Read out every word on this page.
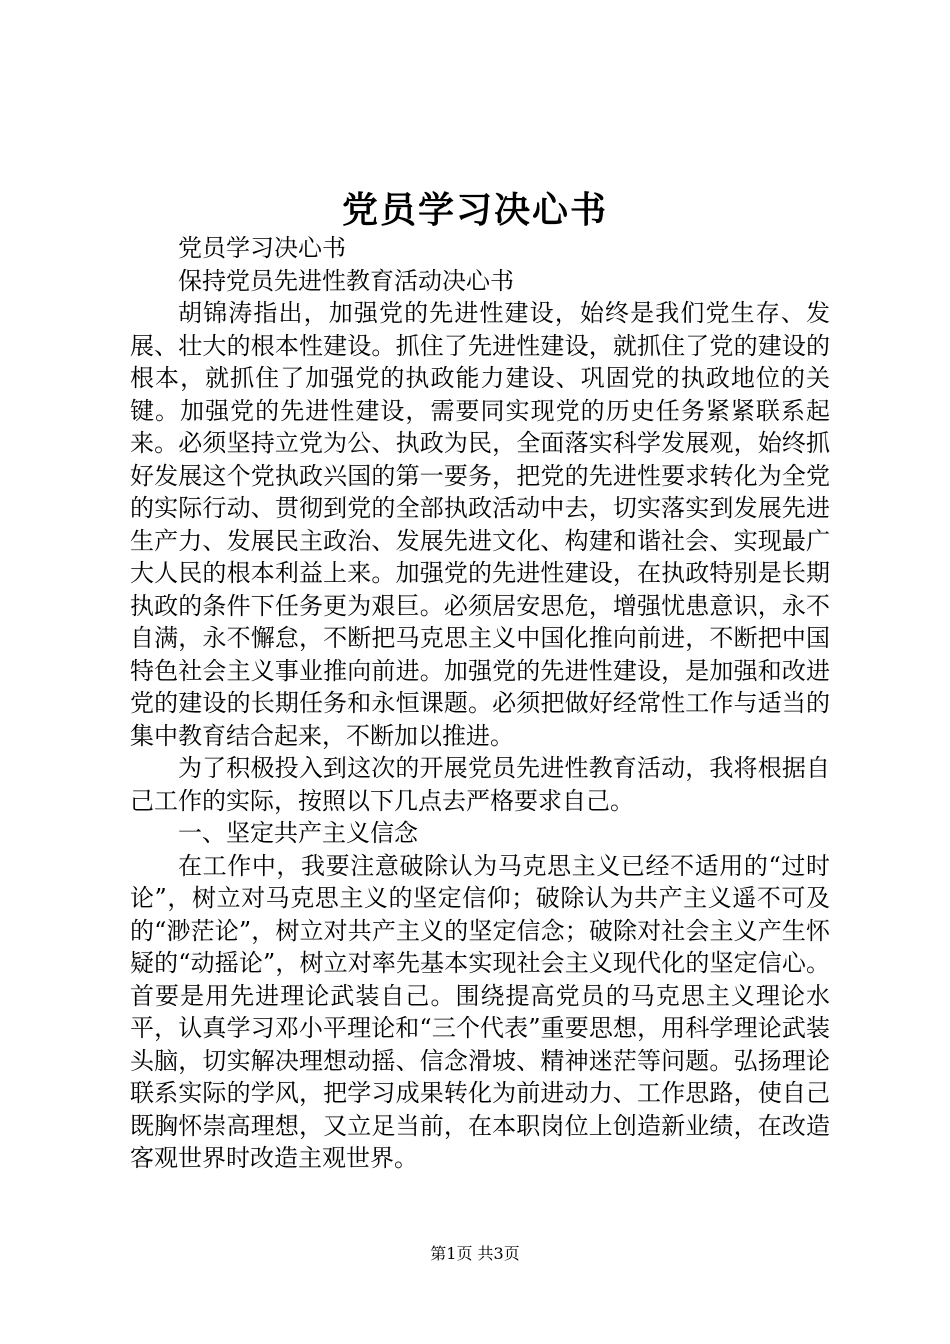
党员学习决心书

党员学习决心书

保持党员先进性教育活动决心书

胡锦涛指出，加强党的先进性建设，始终是我们党生存、发展、壮大的根本性建设。抓住了先进性建设，就抓住了党的建设的根本，就抓住了加强党的执政能力建设、巩固党的执政地位的关键。加强党的先进性建设，需要同实现党的历史任务紧紧联系起来。必须坚持立党为公、执政为民，全面落实科学发展观，始终抓好发展这个党执政兴国的第一要务，把党的先进性要求转化为全党的实际行动、贯彻到党的全部执政活动中去，切实落实到发展先进生产力、发展民主政治、发展先进文化、构建和谐社会、实现最广大人民的根本利益上来。加强党的先进性建设，在执政特别是长期执政的条件下任务更为艰巨。必须居安思危，增强忧患意识，永不自满，永不懈怠，不断把马克思主义中国化推向前进，不断把中国特色社会主义事业推向前进。加强党的先进性建设，是加强和改进党的建设的长期任务和永恒课题。必须把做好经常性工作与适当的集中教育结合起来，不断加以推进。

为了积极投入到这次的开展党员先进性教育活动，我将根据自己工作的实际，按照以下几点去严格要求自己。

一、坚定共产主义信念

在工作中，我要注意破除认为马克思主义已经不适用的“过时论”，树立对马克思主义的坚定信仰；破除认为共产主义遥不可及的“渺茫论”，树立对共产主义的坚定信念；破除对社会主义产生怀疑的“动摇论”，树立对率先基本实现社会主义现代化的坚定信心。首要是用先进理论武装自己。围绕提高党员的马克思主义理论水平，认真学习邓小平理论和“三个代表”重要思想，用科学理论武装头脑，切实解决理想动摇、信念滑坡、精神迷茫等问题。弘扬理论联系实际的学风，把学习成果转化为前进动力、工作思路，使自己既胸怀崇高理想，又立足当前，在本职岗位上创造新业绩，在改造客观世界时改造主观世界。

第1页 共3页
